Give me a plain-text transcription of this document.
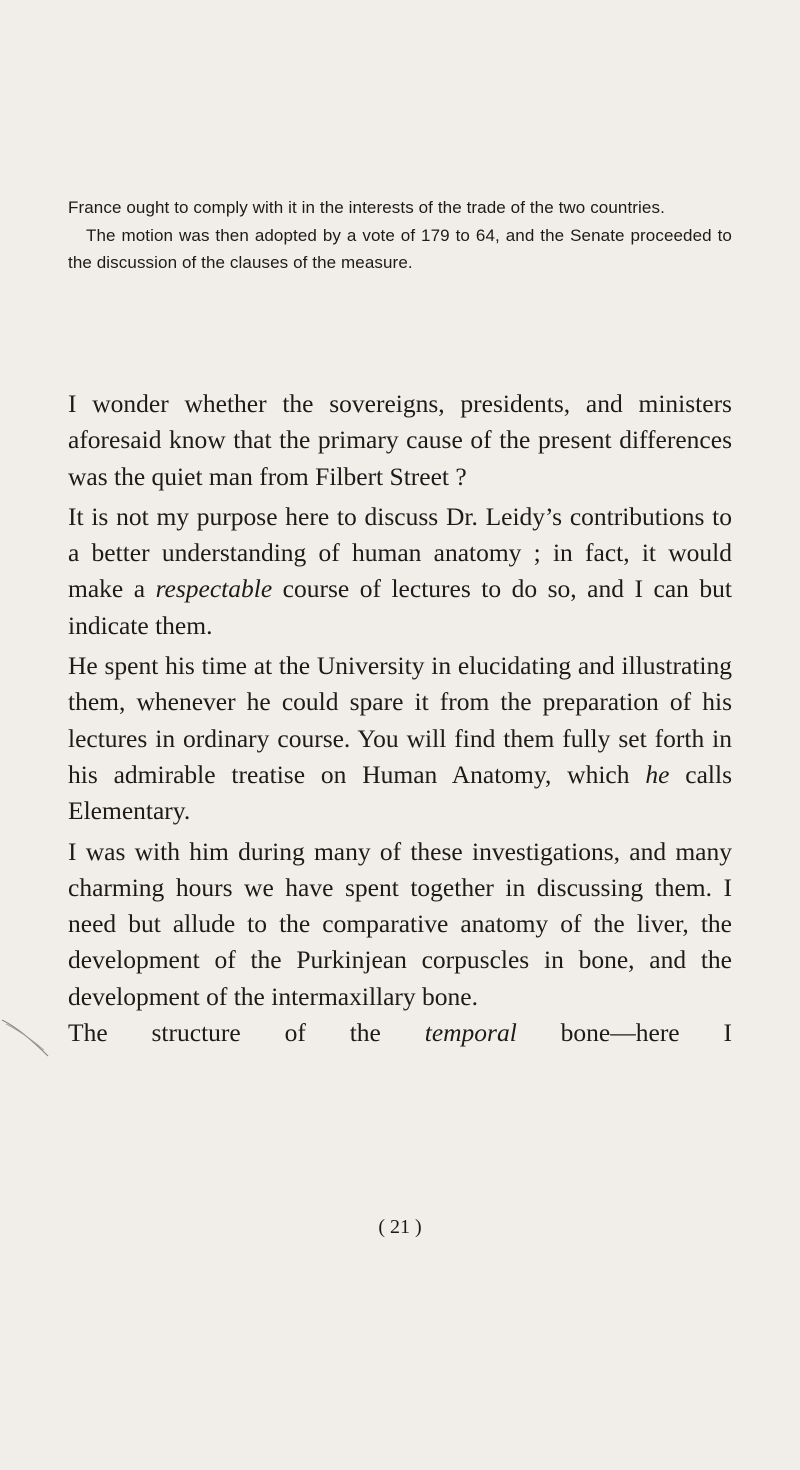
France ought to comply with it in the interests of the trade of the two countries.

The motion was then adopted by a vote of 179 to 64, and the Senate proceeded to the discussion of the clauses of the measure.

I wonder whether the sovereigns, presidents, and ministers aforesaid know that the primary cause of the present differences was the quiet man from Filbert Street ?

It is not my purpose here to discuss Dr. Leidy’s contributions to a better understanding of human anatomy ; in fact, it would make a respectable course of lectures to do so, and I can but indicate them.

He spent his time at the University in elucidating and illustrating them, whenever he could spare it from the preparation of his lectures in ordinary course. You will find them fully set forth in his admirable treatise on Human Anatomy, which he calls Elementary.

I was with him during many of these investigations, and many charming hours we have spent together in discussing them. I need but allude to the comparative anatomy of the liver, the development of the Purkinjean corpuscles in bone, and the development of the intermaxillary bone.

The structure of the temporal bone—here I

( 21 )
